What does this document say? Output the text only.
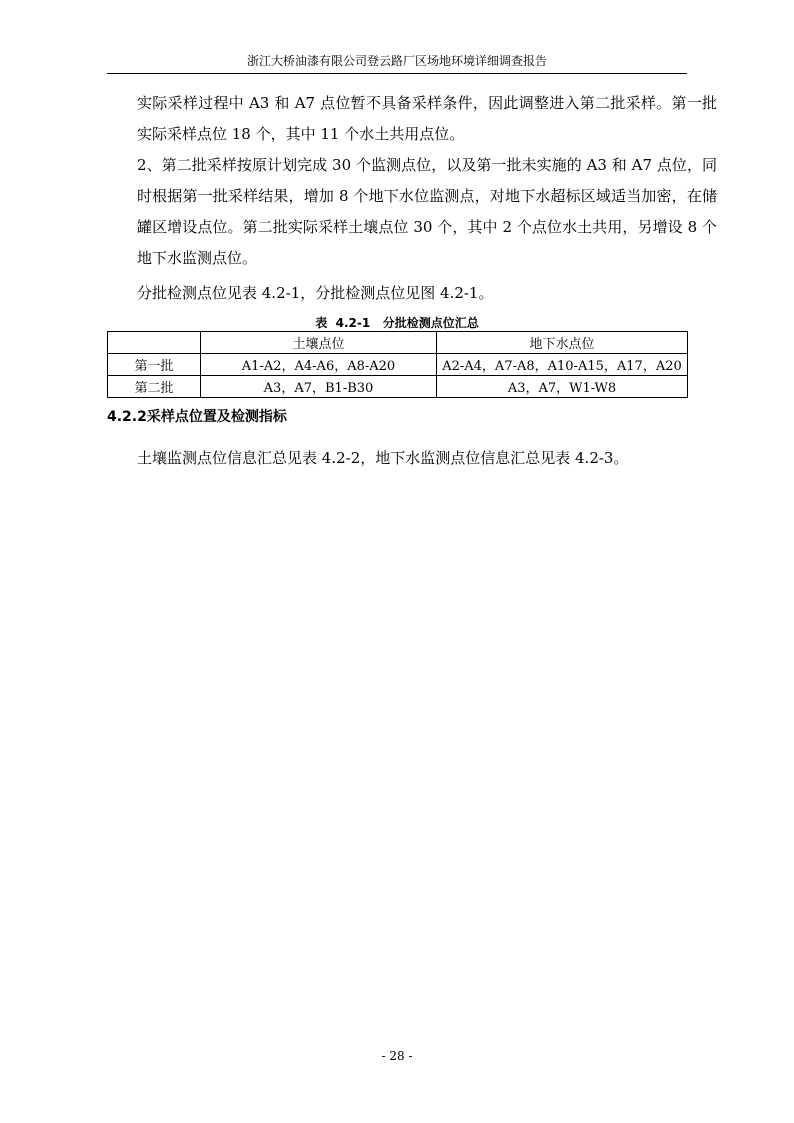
浙江大桥油漆有限公司登云路厂区场地环境详细调查报告
实际采样过程中 A3 和 A7 点位暂不具备采样条件，因此调整进入第二批采样。第一批实际采样点位 18 个，其中 11 个水土共用点位。
2、第二批采样按原计划完成 30 个监测点位，以及第一批未实施的 A3 和 A7 点位，同时根据第一批采样结果，增加 8 个地下水位监测点，对地下水超标区域适当加密，在储罐区增设点位。第二批实际采样土壤点位 30 个，其中 2 个点位水土共用，另增设 8 个地下水监测点位。
分批检测点位见表 4.2-1，分批检测点位见图 4.2-1。
表  4.2-1   分批检测点位汇总
	土壤点位	地下水点位
第一批	A1-A2，A4-A6，A8-A20	A2-A4，A7-A8，A10-A15，A17，A20
第二批	A3，A7，B1-B30	A3，A7，W1-W8
4.2.2采样点位置及检测指标
土壤监测点位信息汇总见表 4.2-2，地下水监测点位信息汇总见表 4.2-3。
- 28 -
